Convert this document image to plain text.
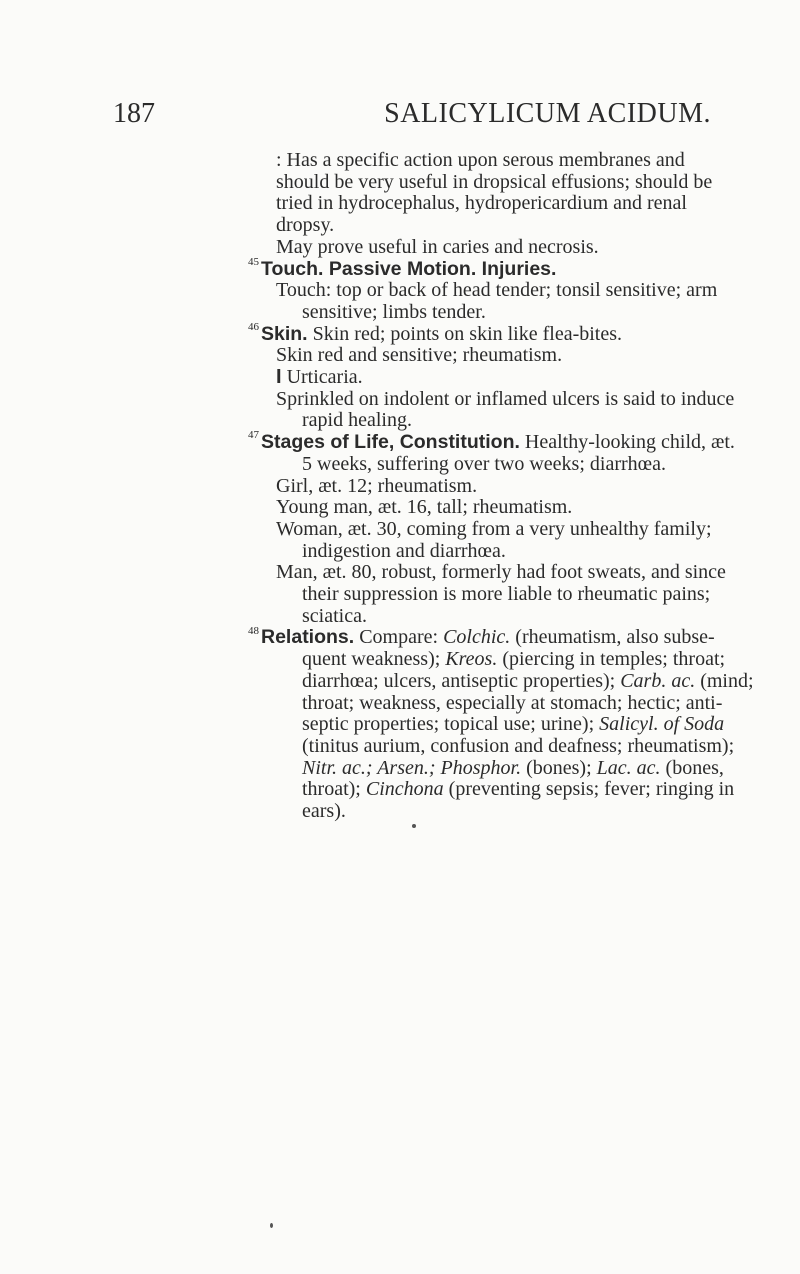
187	SALICYLICUM ACIDUM.
: Has a specific action upon serous membranes and
should be very useful in dropsical effusions; should be
tried in hydrocephalus, hydropericardium and renal
dropsy.
May prove useful in caries and necrosis.
$^{45}$ Touch. Passive Motion. Injuries.
Touch: top or back of head tender; tonsil sensitive; arm
sensitive; limbs tender.
$^{46}$ Skin. Skin red; points on skin like flea-bites.
Skin red and sensitive; rheumatism.
I Urticaria.
Sprinkled on indolent or inflamed ulcers is said to induce
rapid healing.
$^{47}$ Stages of Life, Constitution. Healthy-looking child, æt.
5 weeks, suffering over two weeks; diarrhœa.
Girl, æt. 12; rheumatism.
Young man, æt. 16, tall; rheumatism.
Woman, æt. 30, coming from a very unhealthy family;
indigestion and diarrhœa.
Man, æt. 80, robust, formerly had foot sweats, and since
their suppression is more liable to rheumatic pains;
sciatica.
$^{48}$ Relations. Compare: Colchic. (rheumatism, also subse-
quent weakness); Kreos. (piercing in temples; throat;
diarrhœa; ulcers, antiseptic properties); Carb. ac. (mind;
throat; weakness, especially at stomach; hectic; anti-
septic properties; topical use; urine); Salicyl. of Soda
(tinitus aurium, confusion and deafness; rheumatism);
Nitr. ac.; Arsen.; Phosphor. (bones); Lac. ac. (bones,
throat); Cinchona (preventing sepsis; fever; ringing in
ears).
